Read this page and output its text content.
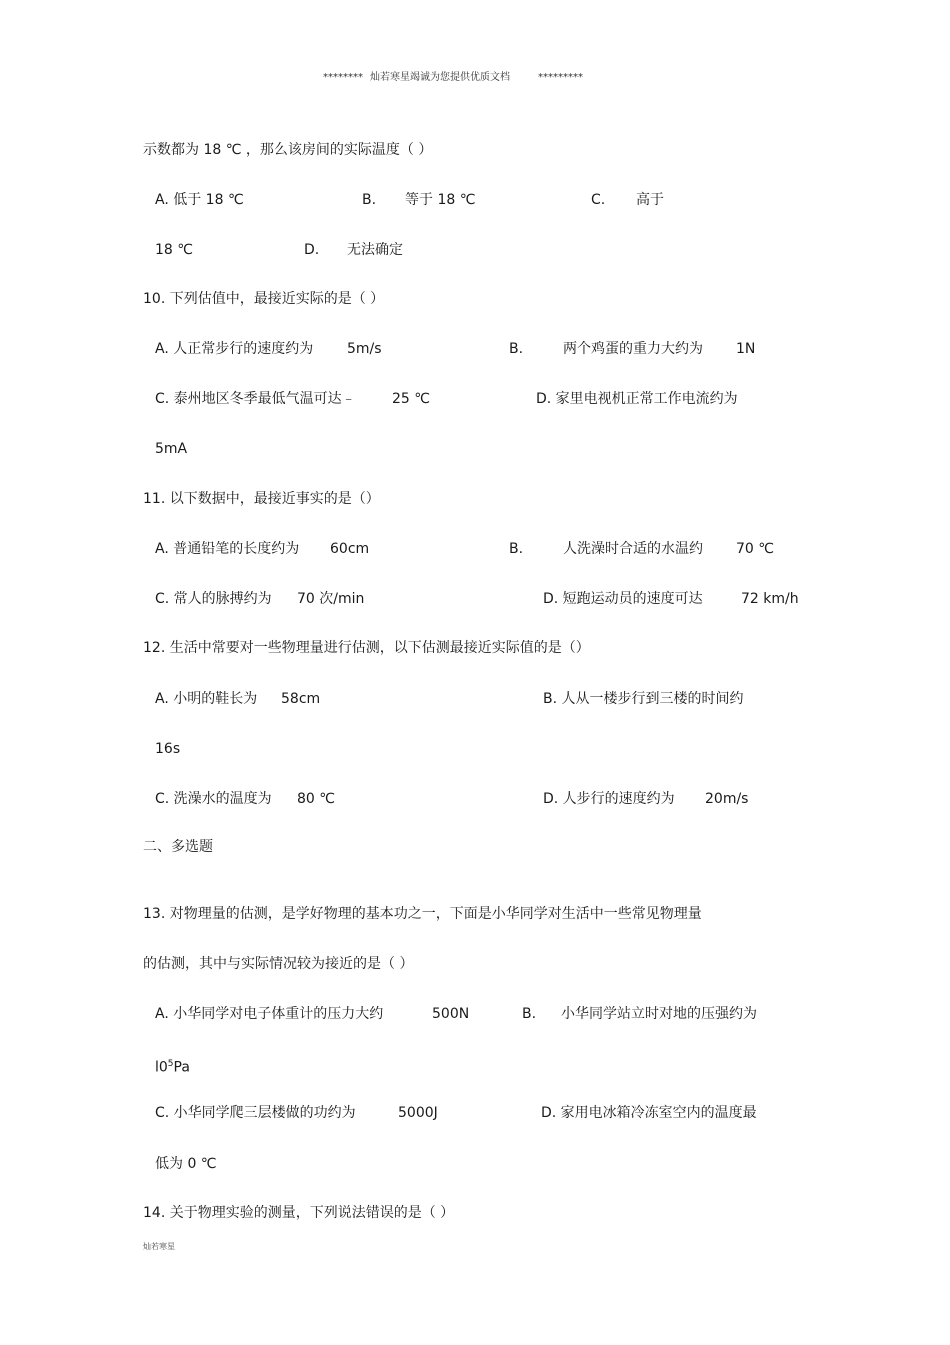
******** 灿若寒星竭诚为您提供优质文档	*********
示数都为 18 ℃ ，那么该房间的实际温度（ ）
A. 低于 18 ℃	B. 等于 18 ℃	C. 高于
18 ℃	D. 无法确定
10. 下列估值中，最接近实际的是（ ）
A. 人正常步行的速度约为 5m/s	B.	两个鸡蛋的重力大约为 1N
C. 泰州地区冬季最低气温可达﹣	25 ℃	D. 家里电视机正常工作电流约为
5mA
11. 以下数据中，最接近事实的是（）
A. 普通铅笔的长度约为 60cm	B.	人洗澡时合适的水温约 70 ℃
C. 常人的脉搏约为 70 次/min	D. 短跑运动员的速度可达	72 km/h
12. 生活中常要对一些物理量进行估测，以下估测最接近实际值的是（）
A. 小明的鞋长为 58cm	B. 人从一楼步行到三楼的时间约
16s
C. 洗澡水的温度为 80 ℃	D. 人步行的速度约为 20m/s
二、多选题
13. 对物理量的估测，是学好物理的基本功之一，下面是小华同学对生活中一些常见物理量
的估测，其中与实际情况较为接近的是（ ）
A. 小华同学对电子体重计的压力大约	500N	B. 小华同学站立时对地的压强约为
$l0^5Pa$
C. 小华同学爬三层楼做的功约为	5000J	D. 家用电冰箱冷冻室空内的温度最
低为 0 ℃
14. 关于物理实验的测量，下列说法错误的是（ ）
灿若寒星
